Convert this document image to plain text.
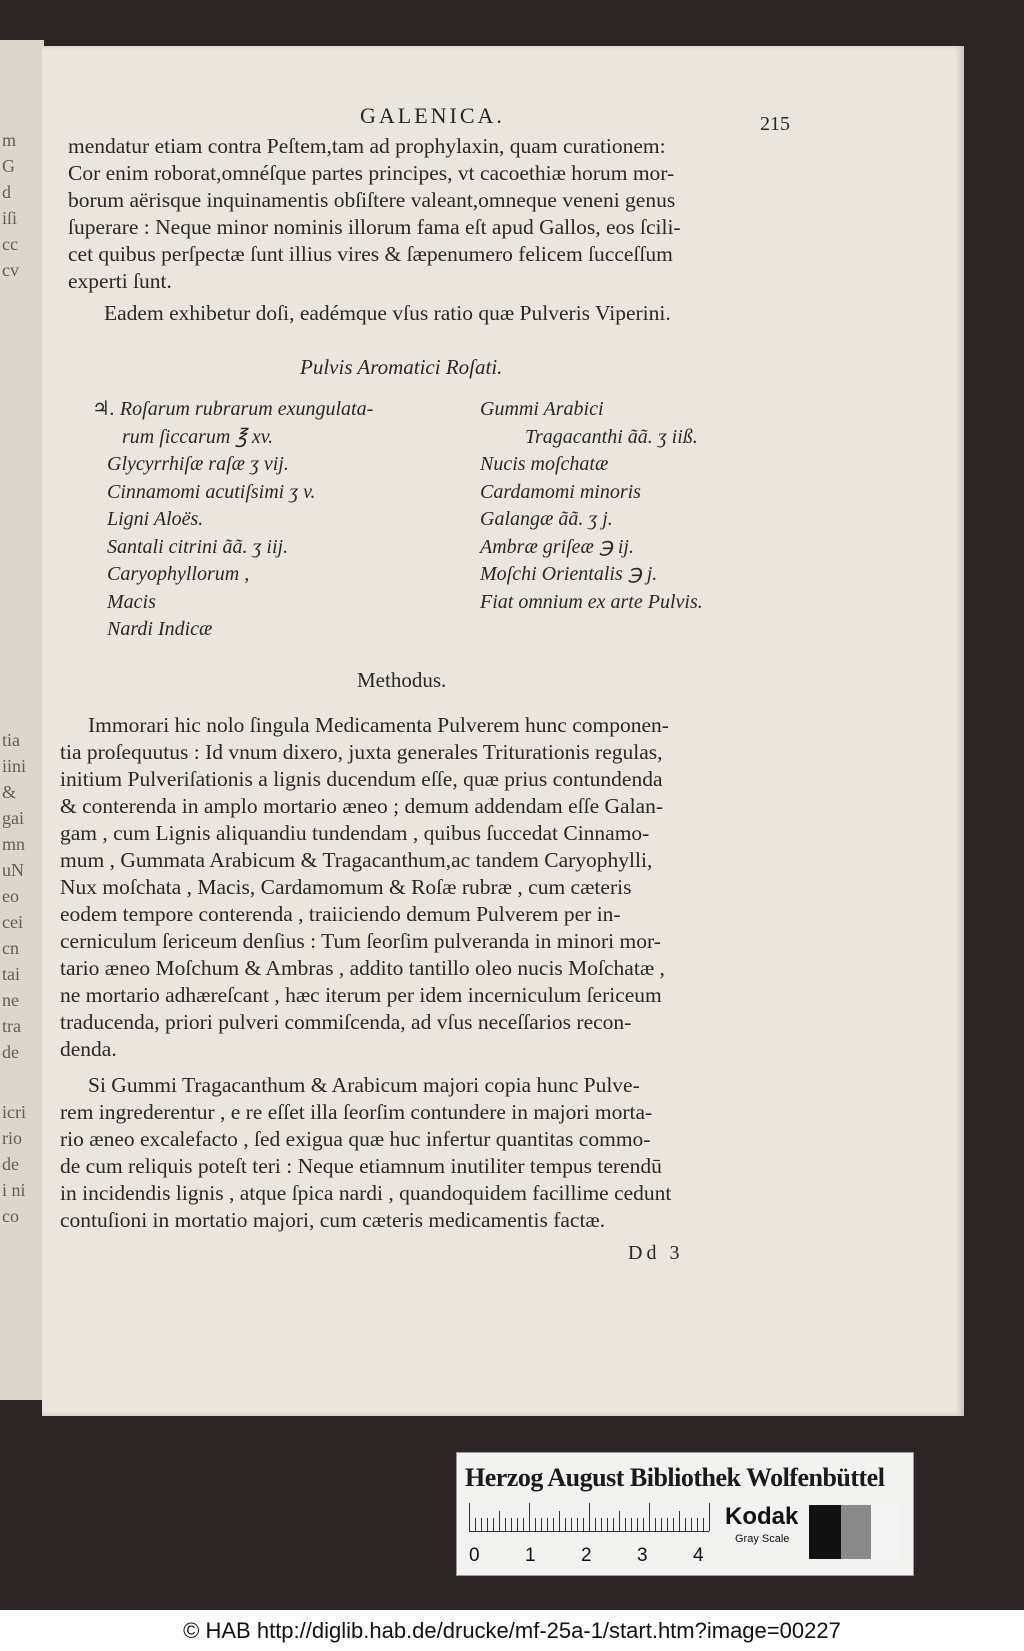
m
G
d
iſi
cc
cv
tia
iini
&
gai
mn
uN
eo
cei
cn
tai
ne
tra
de
icri
rio
de
i ni
co
GALENICA.	215

mendatur etiam contra Peſtem,tam ad prophylaxin, quam curationem:
Cor enim roborat,omnéſque partes principes, vt cacoethiæ horum mor-
borum aërisque inquinamentis obſiſtere valeant,omneque veneni genus
ſuperare : Neque minor nominis illorum fama eſt apud Gallos, eos ſcili-
cet quibus perſpectæ ſunt illius vires & ſæpenumero felicem ſucceſſum
experti ſunt.

Eadem exhibetur doſi, eadémque vſus ratio quæ Pulveris Viperini.

Pulvis Aromatici Roſati.
♃. Roſarum rubrarum exungulata-
rum ſiccarum ℥ xv.
Glycyrrhiſæ raſæ ʒ vij.
Cinnamomi acutiſsimi ʒ v.
Ligni Aloës.
Santali citrini ãã. ʒ iij.
Caryophyllorum ,
Macis
Nardi Indicæ
Gummi Arabici
Tragacanthi ãã. ʒ iiß.
Nucis moſchatæ
Cardamomi minoris
Galangæ ãã. ʒ j.
Ambræ griſeæ ℈ ij.
Moſchi Orientalis ℈ j.
Fiat omnium ex arte Pulvis.
Methodus.

Immorari hic nolo ſingula Medicamenta Pulverem hunc componen-
tia proſequutus : Id vnum dixero, juxta generales Triturationis regulas,
initium Pulveriſationis a lignis ducendum eſſe, quæ prius contundenda
& conterenda in amplo mortario æneo ; demum addendam eſſe Galan-
gam , cum Lignis aliquandiu tundendam , quibus ſuccedat Cinnamo-
mum , Gummata Arabicum & Tragacanthum,ac tandem Caryophylli,
Nux moſchata , Macis, Cardamomum & Roſæ rubræ , cum cæteris
eodem tempore conterenda , traiiciendo demum Pulverem per in-
cerniculum ſericeum denſius : Tum ſeorſim pulveranda in minori mor-
tario æneo Moſchum & Ambras , addito tantillo oleo nucis Moſchatæ ,
ne mortario adhæreſcant , hæc iterum per idem incerniculum ſericeum
traducenda, priori pulveri commiſcenda, ad vſus neceſſarios recon-
denda.

Si Gummi Tragacanthum & Arabicum majori copia hunc Pulve-
rem ingrederentur , e re eſſet illa ſeorſim contundere in majori morta-
rio æneo excalefacto , ſed exigua quæ huc infertur quantitas commo-
de cum reliquis poteſt teri : Neque etiamnum inutiliter tempus terendū
in incidendis lignis , atque ſpica nardi , quandoquidem facillime cedunt
contuſioni in mortatio majori, cum cæteris medicamentis factæ.

Dd 3
Herzog August Bibliothek Wolfenbüttel
0 1 2 3 4
Kodak
Gray Scale
© HAB http://diglib.hab.de/drucke/mf-25a-1/start.htm?image=00227
